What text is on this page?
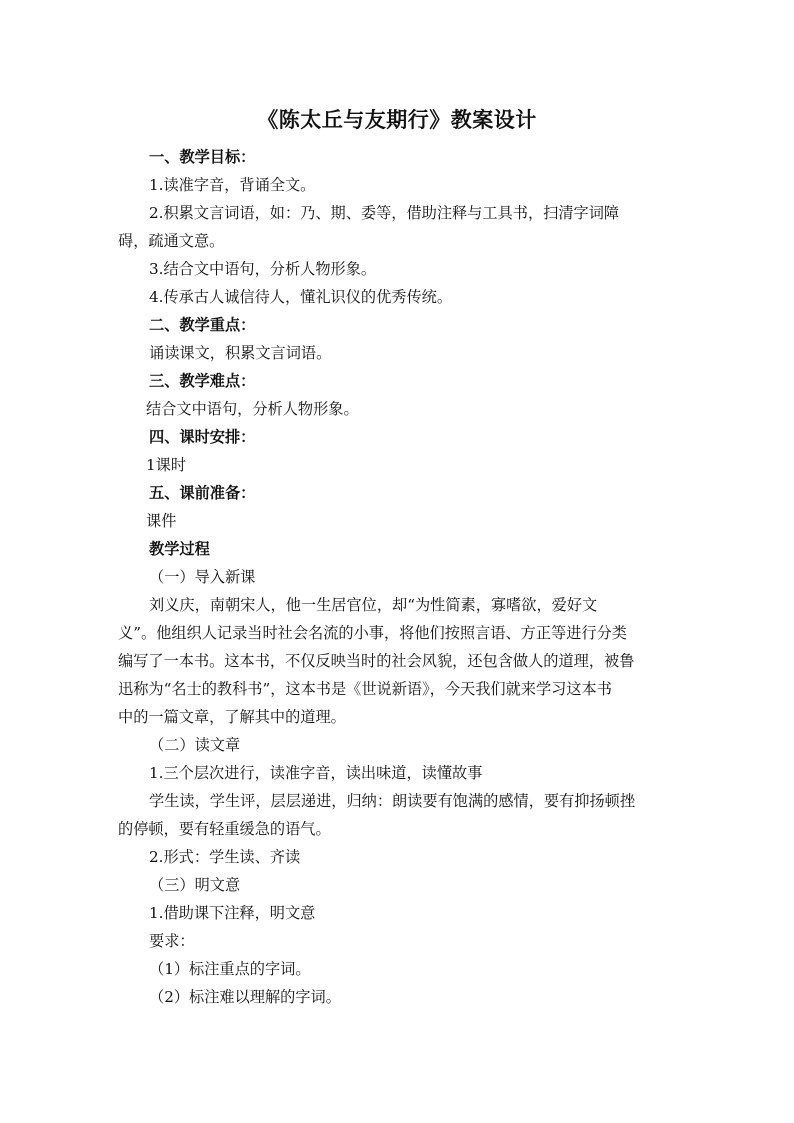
《陈太丘与友期行》教案设计
一、教学目标：
1.读准字音，背诵全文。
2.积累文言词语，如：乃、期、委等，借助注释与工具书，扫清字词障
碍，疏通文意。
3.结合文中语句，分析人物形象。
4.传承古人诚信待人，懂礼识仪的优秀传统。
二、教学重点：
诵读课文，积累文言词语。
三、教学难点：
结合文中语句，分析人物形象。
四、课时安排：
1课时
五、课前准备：
课件
教学过程
（一）导入新课
刘义庆，南朝宋人，他一生居官位，却“为性简素，寡嗜欲，爱好文
义”。他组织人记录当时社会名流的小事，将他们按照言语、方正等进行分类
编写了一本书。这本书，不仅反映当时的社会风貌，还包含做人的道理，被鲁
迅称为“名士的教科书”，这本书是《世说新语》，今天我们就来学习这本书
中的一篇文章，了解其中的道理。
（二）读文章
1.三个层次进行，读准字音，读出味道，读懂故事
学生读，学生评，层层递进，归纳：朗读要有饱满的感情，要有抑扬顿挫
的停顿，要有轻重缓急的语气。
2.形式：学生读、齐读
（三）明文意
1.借助课下注释，明文意
要求：
（1）标注重点的字词。
（2）标注难以理解的字词。
